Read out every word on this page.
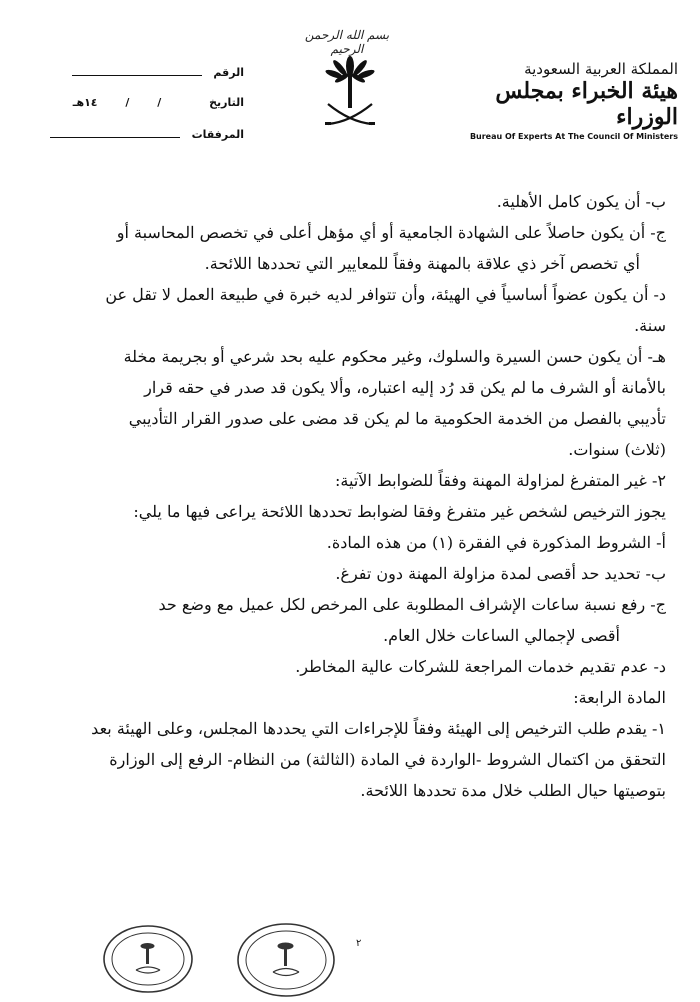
بسم الله الرحمن الرحيم
الرقم
التاريخ / / ١٤هـ
المرفقات
المملكة العربية السعودية
هيئة الخبراء بمجلس الوزراء
Bureau Of Experts At The Council Of Ministers

ب- أن يكون كامل الأهلية.

ج- أن يكون حاصلاً على الشهادة الجامعية أو أي مؤهل أعلى في تخصص المحاسبة أو

أي تخصص آخر ذي علاقة بالمهنة وفقاً للمعايير التي تحددها اللائحة.

د- أن يكون عضواً أساسياً في الهيئة، وأن تتوافر لديه خبرة في طبيعة العمل لا تقل عن

سنة.

هـ- أن يكون حسن السيرة والسلوك، وغير محكوم عليه بحد شرعي أو بجريمة مخلة

بالأمانة أو الشرف ما لم يكن قد رُد إليه اعتباره، وألا يكون قد صدر في حقه قرار

تأديبي بالفصل من الخدمة الحكومية ما لم يكن قد مضى على صدور القرار التأديبي

(ثلاث) سنوات.

٢- غير المتفرغ لمزاولة المهنة وفقاً للضوابط الآتية:

يجوز الترخيص لشخص غير متفرغ وفقا لضوابط تحددها اللائحة يراعى فيها ما يلي:

أ- الشروط المذكورة في الفقرة (١) من هذه المادة.

ب- تحديد حد أقصى لمدة مزاولة المهنة دون تفرغ.

ج- رفع نسبة ساعات الإشراف المطلوبة على المرخص لكل عميل مع وضع حد

أقصى لإجمالي الساعات خلال العام.

د- عدم تقديم خدمات المراجعة للشركات عالية المخاطر.

المادة الرابعة:

١- يقدم طلب الترخيص إلى الهيئة وفقاً للإجراءات التي يحددها المجلس، وعلى الهيئة بعد

التحقق من اكتمال الشروط -الواردة في المادة (الثالثة) من النظام- الرفع إلى الوزارة

بتوصيتها حيال الطلب خلال مدة تحددها اللائحة.

٢
